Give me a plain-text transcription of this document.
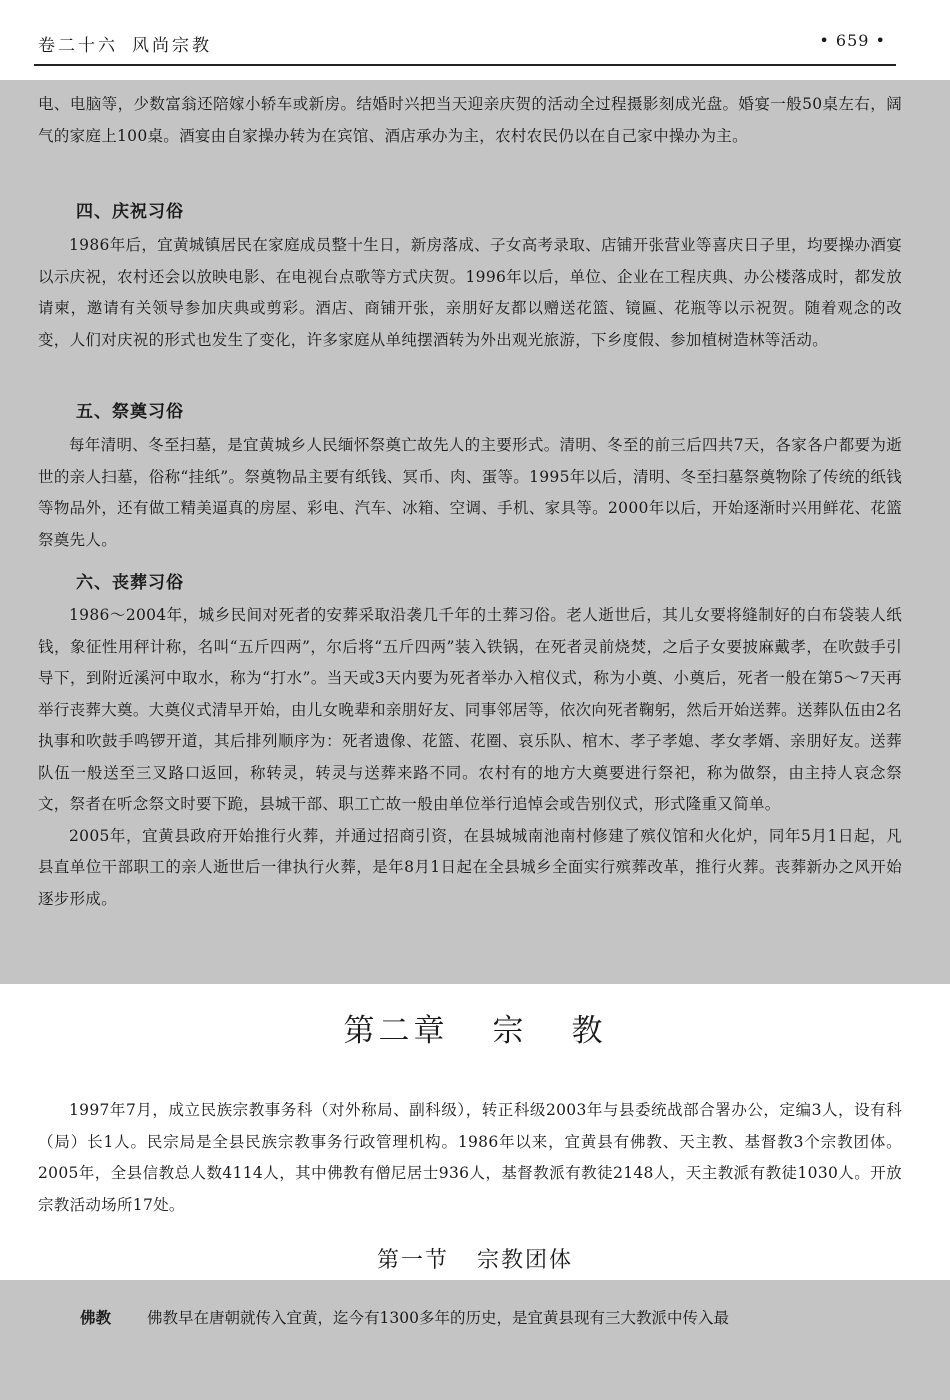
卷二十六 风尚宗教	• 659 •

电、电脑等，少数富翁还陪嫁小轿车或新房。结婚时兴把当天迎亲庆贺的活动全过程摄影刻成光盘。婚宴一般50桌左右，阔气的家庭上100桌。酒宴由自家操办转为在宾馆、酒店承办为主，农村农民仍以在自己家中操办为主。

四、庆祝习俗

1986年后，宜黄城镇居民在家庭成员整十生日，新房落成、子女高考录取、店铺开张营业等喜庆日子里，均要操办酒宴以示庆祝，农村还会以放映电影、在电视台点歌等方式庆贺。1996年以后，单位、企业在工程庆典、办公楼落成时，都发放请柬，邀请有关领导参加庆典或剪彩。酒店、商铺开张，亲朋好友都以赠送花篮、镜匾、花瓶等以示祝贺。随着观念的改变，人们对庆祝的形式也发生了变化，许多家庭从单纯摆酒转为外出观光旅游，下乡度假、参加植树造林等活动。

五、祭奠习俗

每年清明、冬至扫墓，是宜黄城乡人民缅怀祭奠亡故先人的主要形式。清明、冬至的前三后四共7天，各家各户都要为逝世的亲人扫墓，俗称“挂纸”。祭奠物品主要有纸钱、冥币、肉、蛋等。1995年以后，清明、冬至扫墓祭奠物除了传统的纸钱等物品外，还有做工精美逼真的房屋、彩电、汽车、冰箱、空调、手机、家具等。2000年以后，开始逐渐时兴用鲜花、花篮祭奠先人。

六、丧葬习俗

1986～2004年，城乡民间对死者的安葬采取沿袭几千年的土葬习俗。老人逝世后，其儿女要将缝制好的白布袋装人纸钱，象征性用秤计称，名叫“五斤四两”，尔后将“五斤四两”装入铁锅，在死者灵前烧焚，之后子女要披麻戴孝，在吹鼓手引导下，到附近溪河中取水，称为“打水”。当天或3天内要为死者举办入棺仪式，称为小奠、小奠后，死者一般在第5～7天再举行丧葬大奠。大奠仪式清早开始，由儿女晚辈和亲朋好友、同事邻居等，依次向死者鞠躬，然后开始送葬。送葬队伍由2名执事和吹鼓手鸣锣开道，其后排列顺序为：死者遗像、花篮、花圈、哀乐队、棺木、孝子孝媳、孝女孝婿、亲朋好友。送葬队伍一般送至三叉路口返回，称转灵，转灵与送葬来路不同。农村有的地方大奠要进行祭祀，称为做祭，由主持人哀念祭文，祭者在听念祭文时要下跪，县城干部、职工亡故一般由单位举行追悼会或告别仪式，形式隆重又简单。

2005年，宜黄县政府开始推行火葬，并通过招商引资，在县城城南池南村修建了殡仪馆和火化炉，同年5月1日起，凡县直单位干部职工的亲人逝世后一律执行火葬，是年8月1日起在全县城乡全面实行殡葬改革，推行火葬。丧葬新办之风开始逐步形成。

第二章 宗 教

1997年7月，成立民族宗教事务科（对外称局、副科级），转正科级2003年与县委统战部合署办公，定编3人，设有科（局）长1人。民宗局是全县民族宗教事务行政管理机构。1986年以来，宜黄县有佛教、天主教、基督教3个宗教团体。2005年，全县信教总人数4114人，其中佛教有僧尼居士936人，基督教派有教徒2148人，天主教派有教徒1030人。开放宗教活动场所17处。

第一节 宗教团体
佛教 佛教早在唐朝就传入宜黄，迄今有1300多年的历史，是宜黄县现有三大教派中传入最
